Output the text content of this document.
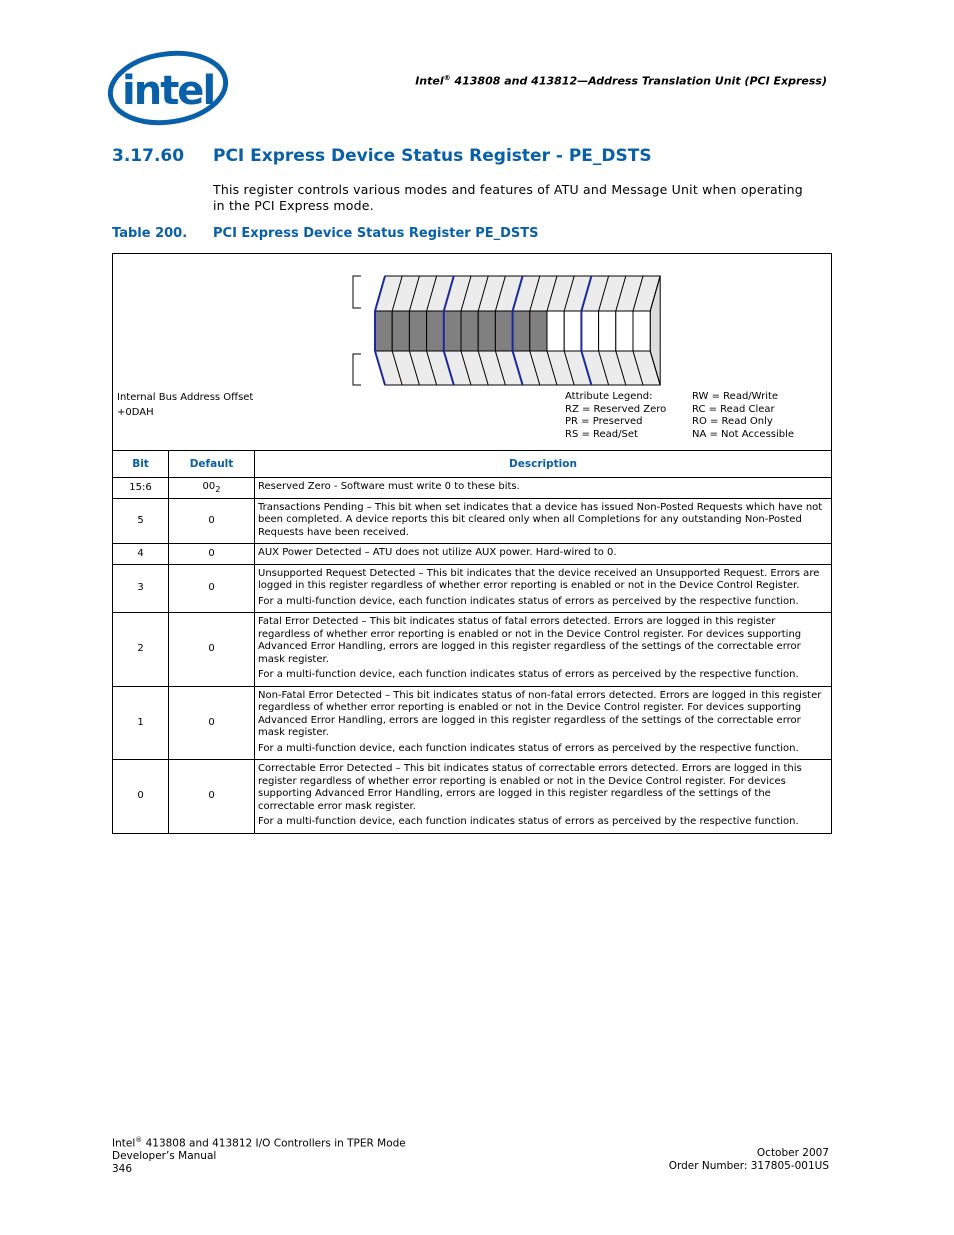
intel	Intel® 413808 and 413812—Address Translation Unit (PCI Express)
3.17.60 PCI Express Device Status Register - PE_DSTS
This register controls various modes and features of ATU and Message Unit when operating in the PCI Express mode.
Table 200. PCI Express Device Status Register PE_DSTS
Internal Bus Address Offset
+0DAH
Attribute Legend:	RW = Read/Write
RZ = Reserved Zero	RC = Read Clear
PR = Preserved	RO = Read Only
RS = Read/Set	NA = Not Accessible
Bit	Default	Description
15:6	$00_2$	Reserved Zero - Software must write 0 to these bits.

5	0	Transactions Pending – This bit when set indicates that a device has issued Non-Posted Requests which have not been completed. A device reports this bit cleared only when all Completions for any outstanding Non-Posted Requests have been received.

4	0	AUX Power Detected – ATU does not utilize AUX power. Hard-wired to 0.

3	0	Unsupported Request Detected – This bit indicates that the device received an Unsupported Request. Errors are logged in this register regardless of whether error reporting is enabled or not in the Device Control Register.

For a multi-function device, each function indicates status of errors as perceived by the respective function.

2	0	Fatal Error Detected – This bit indicates status of fatal errors detected. Errors are logged in this register regardless of whether error reporting is enabled or not in the Device Control register. For devices supporting Advanced Error Handling, errors are logged in this register regardless of the settings of the correctable error mask register.

For a multi-function device, each function indicates status of errors as perceived by the respective function.

1	0	Non-Fatal Error Detected – This bit indicates status of non-fatal errors detected. Errors are logged in this register regardless of whether error reporting is enabled or not in the Device Control register. For devices supporting Advanced Error Handling, errors are logged in this register regardless of the settings of the correctable error mask register.

For a multi-function device, each function indicates status of errors as perceived by the respective function.

0	0	Correctable Error Detected – This bit indicates status of correctable errors detected. Errors are logged in this register regardless of whether error reporting is enabled or not in the Device Control register. For devices supporting Advanced Error Handling, errors are logged in this register regardless of the settings of the correctable error mask register.

For a multi-function device, each function indicates status of errors as perceived by the respective function.

Intel® 413808 and 413812 I/O Controllers in TPER Mode
Developer’s Manual
346
October 2007
Order Number: 317805-001US
